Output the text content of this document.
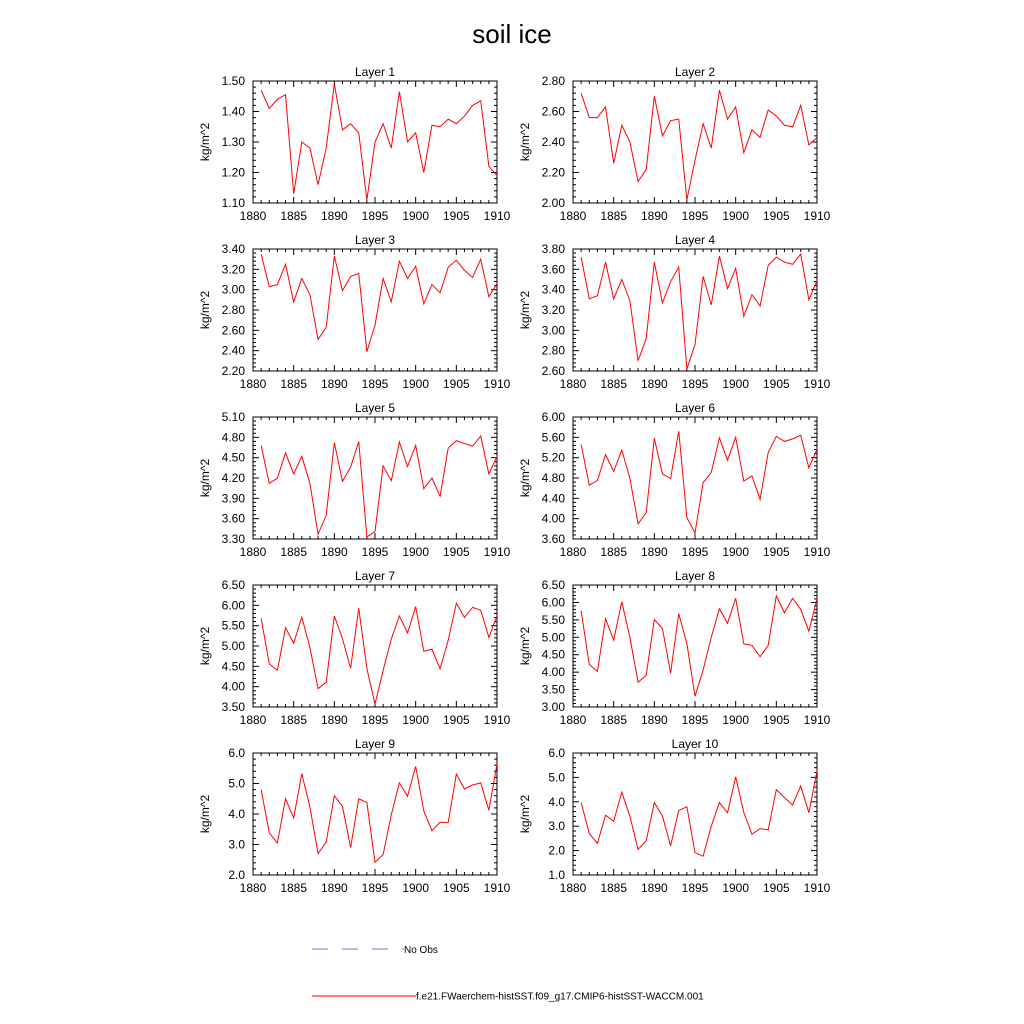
soil ice
Layer 1
1880 1885 1890 1895 1900 1905 1910
1.10
1.20
1.30
1.40
1.50
kg/m^2
Layer 2
1880 1885 1890 1895 1900 1905 1910
2.00
2.20
2.40
2.60
2.80
kg/m^2
Layer 3
1880 1885 1890 1895 1900 1905 1910
2.20
2.40
2.60
2.80
3.00
3.20
3.40
kg/m^2
Layer 4
1880 1885 1890 1895 1900 1905 1910
2.60
2.80
3.00
3.20
3.40
3.60
3.80
kg/m^2
Layer 5
1880 1885 1890 1895 1900 1905 1910
3.30
3.60
3.90
4.20
4.50
4.80
5.10
kg/m^2
Layer 6
1880 1885 1890 1895 1900 1905 1910
3.60
4.00
4.40
4.80
5.20
5.60
6.00
kg/m^2
Layer 7
1880 1885 1890 1895 1900 1905 1910
3.50
4.00
4.50
5.00
5.50
6.00
6.50
kg/m^2
Layer 8
1880 1885 1890 1895 1900 1905 1910
3.00
3.50
4.00
4.50
5.00
5.50
6.00
6.50
kg/m^2
Layer 9
1880 1885 1890 1895 1900 1905 1910
2.0
3.0
4.0
5.0
6.0
kg/m^2
Layer 10
1880 1885 1890 1895 1900 1905 1910
1.0
2.0
3.0
4.0
5.0
6.0
kg/m^2
No Obs
f.e21.FWaerchem-histSST.f09_g17.CMIP6-histSST-WACCM.001
